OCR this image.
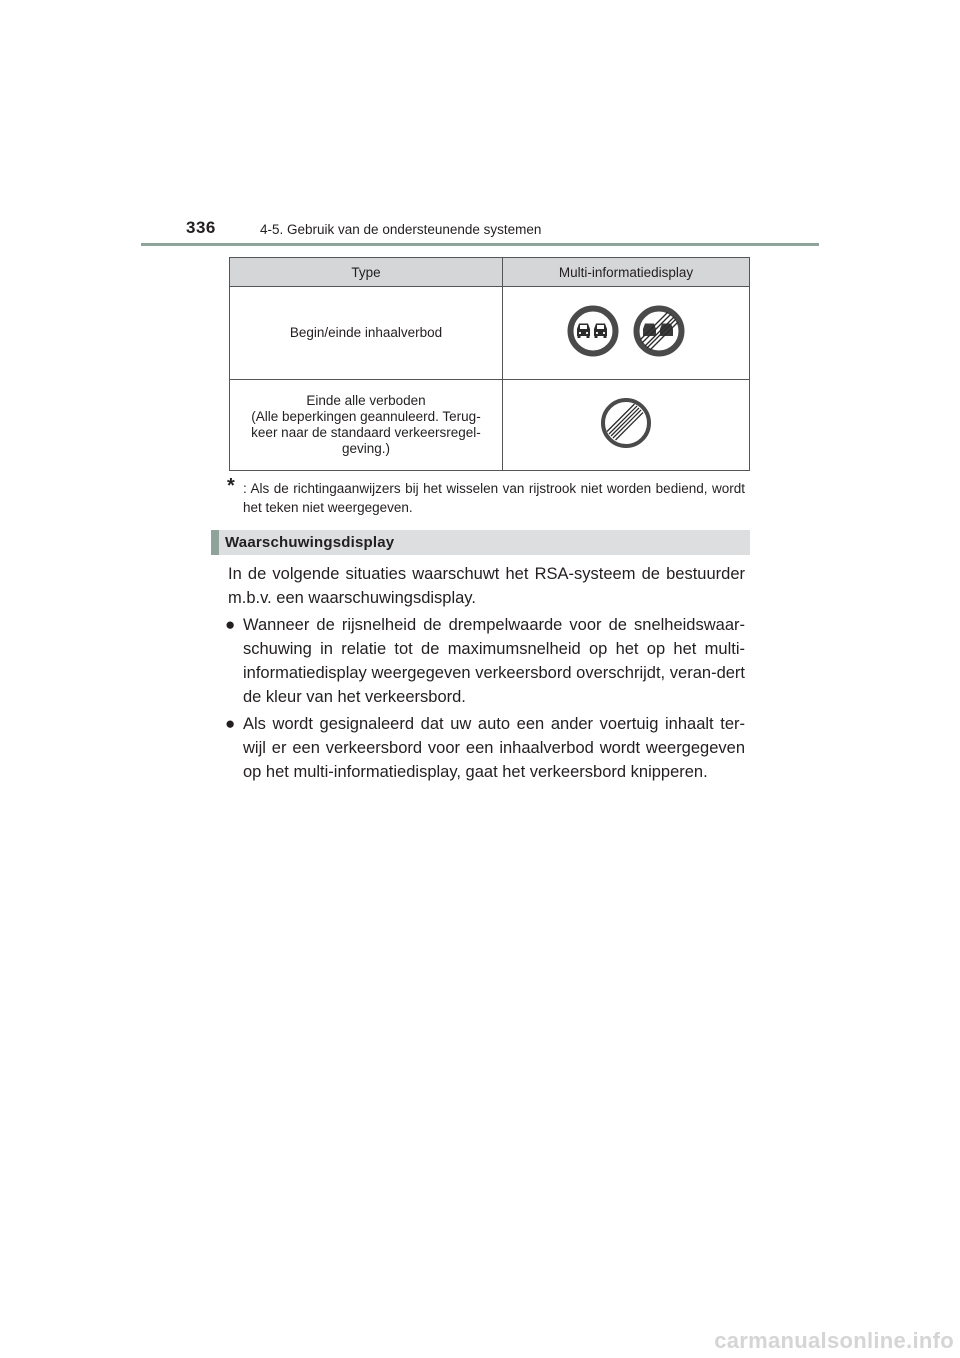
336	4-5. Gebruik van de ondersteunende systemen
Type	Multi-informatiedisplay
Begin/einde inhaalverbod	

Einde alle verboden
(Alle beperkingen geannuleerd. Terug-
keer naar de standaard verkeersregel-
geving.)	
* : Als de richtingaanwijzers bij het wisselen van rijstrook niet worden bediend, wordt het teken niet weergegeven.
Waarschuwingsdisplay

In de volgende situaties waarschuwt het RSA-systeem de bestuurder m.b.v. een waarschuwingsdisplay.

● Wanneer de rijsnelheid de drempelwaarde voor de snelheidswaar-schuwing in relatie tot de maximumsnelheid op het op het multi-informatiedisplay weergegeven verkeersbord overschrijdt, veran-dert de kleur van het verkeersbord.
● Als wordt gesignaleerd dat uw auto een ander voertuig inhaalt ter-wijl er een verkeersbord voor een inhaalverbod wordt weergegeven op het multi-informatiedisplay, gaat het verkeersbord knipperen.
carmanualsonline.info
